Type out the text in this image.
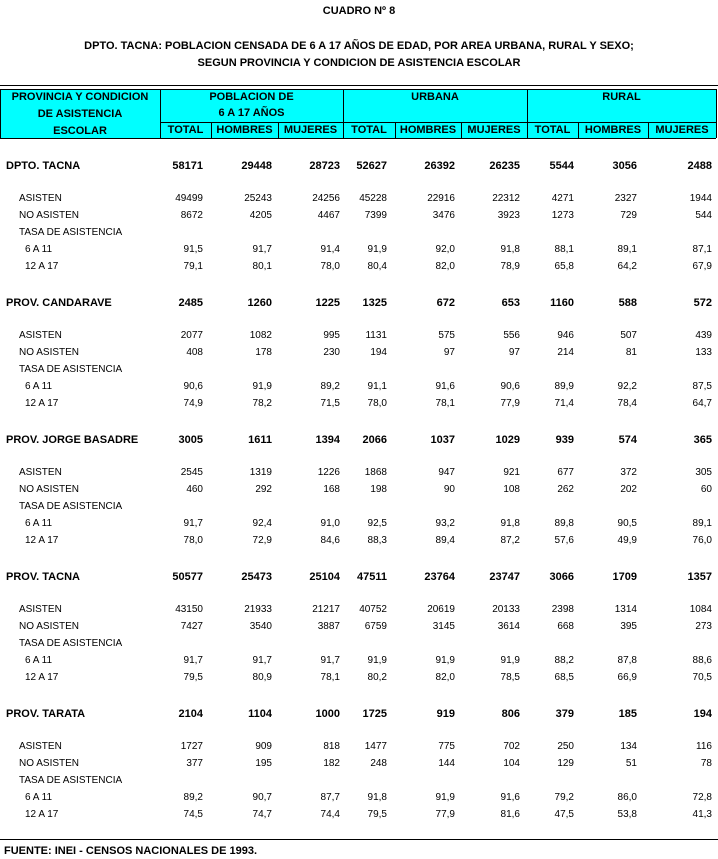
CUADRO Nº 8
DPTO. TACNA: POBLACION CENSADA DE 6 A 17 AÑOS DE EDAD, POR AREA URBANA, RURAL Y SEXO;
SEGUN PROVINCIA Y CONDICION DE ASISTENCIA ESCOLAR
PROVINCIA Y CONDICION
DE ASISTENCIA
ESCOLAR
POBLACION DE
6 A 17 AÑOS
URBANA	RURAL
TOTAL	HOMBRES	MUJERES	TOTAL	HOMBRES	MUJERES	TOTAL	HOMBRES	MUJERES
DPTO. TACNA	58171	29448	28723	52627	26392	26235	5544	3056	2488
ASISTEN	49499	25243	24256	45228	22916	22312	4271	2327	1944
NO ASISTEN	8672	4205	4467	7399	3476	3923	1273	729	544
TASA DE ASISTENCIA
6 A 11	91,5	91,7	91,4	91,9	92,0	91,8	88,1	89,1	87,1
12 A 17	79,1	80,1	78,0	80,4	82,0	78,9	65,8	64,2	67,9
PROV. CANDARAVE	2485	1260	1225	1325	672	653	1160	588	572
ASISTEN	2077	1082	995	1131	575	556	946	507	439
NO ASISTEN	408	178	230	194	97	97	214	81	133
TASA DE ASISTENCIA
6 A 11	90,6	91,9	89,2	91,1	91,6	90,6	89,9	92,2	87,5
12 A 17	74,9	78,2	71,5	78,0	78,1	77,9	71,4	78,4	64,7
PROV. JORGE BASADRE	3005	1611	1394	2066	1037	1029	939	574	365
ASISTEN	2545	1319	1226	1868	947	921	677	372	305
NO ASISTEN	460	292	168	198	90	108	262	202	60
TASA DE ASISTENCIA
6 A 11	91,7	92,4	91,0	92,5	93,2	91,8	89,8	90,5	89,1
12 A 17	78,0	72,9	84,6	88,3	89,4	87,2	57,6	49,9	76,0
PROV. TACNA	50577	25473	25104	47511	23764	23747	3066	1709	1357
ASISTEN	43150	21933	21217	40752	20619	20133	2398	1314	1084
NO ASISTEN	7427	3540	3887	6759	3145	3614	668	395	273
TASA DE ASISTENCIA
6 A 11	91,7	91,7	91,7	91,9	91,9	91,9	88,2	87,8	88,6
12 A 17	79,5	80,9	78,1	80,2	82,0	78,5	68,5	66,9	70,5
PROV. TARATA	2104	1104	1000	1725	919	806	379	185	194
ASISTEN	1727	909	818	1477	775	702	250	134	116
NO ASISTEN	377	195	182	248	144	104	129	51	78
TASA DE ASISTENCIA
6 A 11	89,2	90,7	87,7	91,8	91,9	91,6	79,2	86,0	72,8
12 A 17	74,5	74,7	74,4	79,5	77,9	81,6	47,5	53,8	41,3
FUENTE: INEI - CENSOS NACIONALES DE 1993.
